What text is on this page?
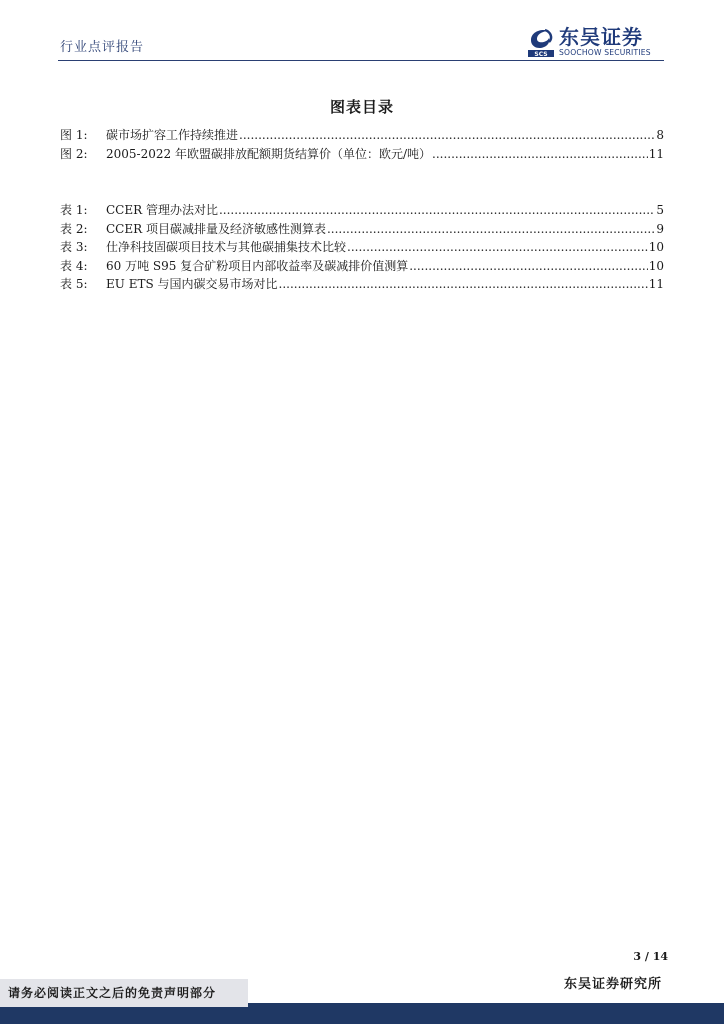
行业点评报告	SCS
东吴证券
SOOCHOW SECURITIES
图表目录
图 1:	碳市场扩容工作持续推进 .....	8
图 2:	2005-2022 年欧盟碳排放配额期货结算价（单位：欧元/吨） .....	11
表 1:	CCER 管理办法对比 .....	5
表 2:	CCER 项目碳减排量及经济敏感性测算表 .....	9
表 3:	仕净科技固碳项目技术与其他碳捕集技术比较 .....	10
表 4:	60 万吨 S95 复合矿粉项目内部收益率及碳减排价值测算 .....	10
表 5:	EU ETS 与国内碳交易市场对比 .....	11
3 / 14
东吴证券研究所
请务必阅读正文之后的免责声明部分
